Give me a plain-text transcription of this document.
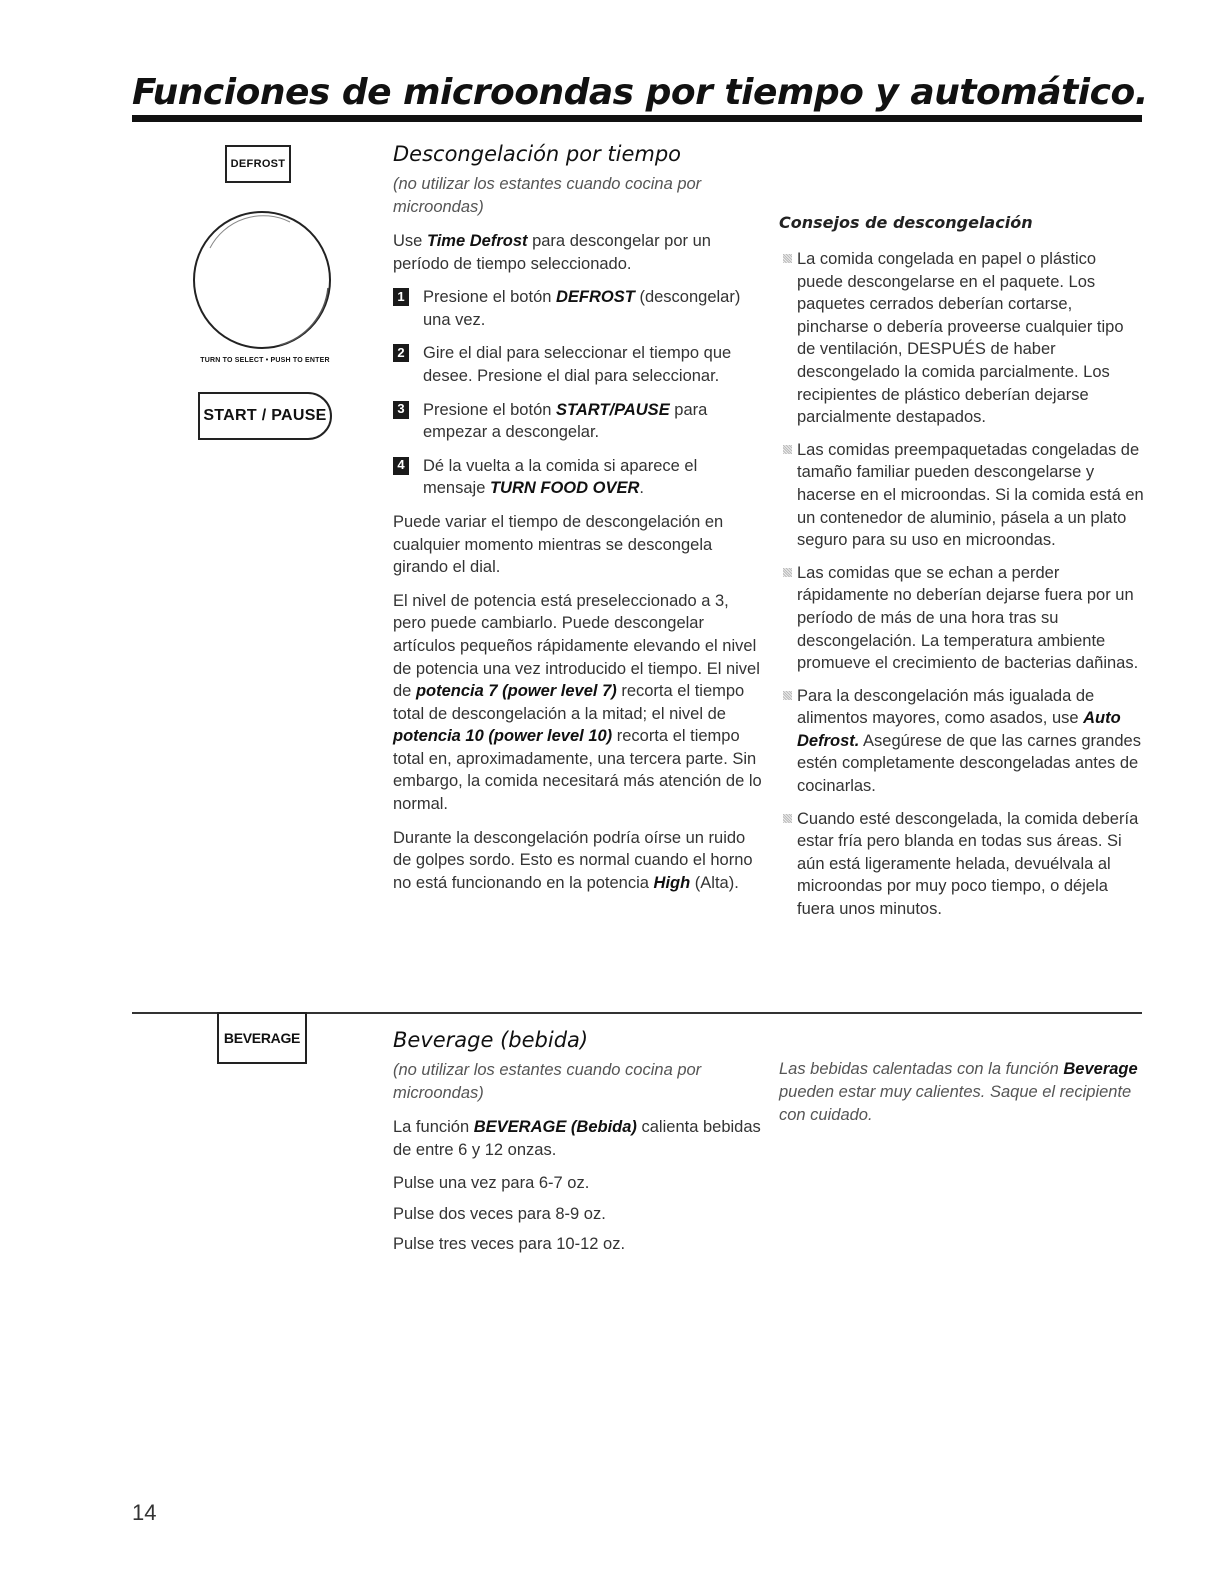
Funciones de microondas por tiempo y automático.
DEFROST
TURN TO SELECT • PUSH TO ENTER
START / PAUSE
Descongelación por tiempo

(no utilizar los estantes cuando cocina por microondas)

Use Time Defrost para descongelar por un período de tiempo seleccionado.

1 Presione el botón DEFROST (descongelar) una vez.
2 Gire el dial para seleccionar el tiempo que desee. Presione el dial para seleccionar.
3 Presione el botón START/PAUSE para empezar a descongelar.
4 Dé la vuelta a la comida si aparece el mensaje TURN FOOD OVER.

Puede variar el tiempo de descongelación en cualquier momento mientras se descongela girando el dial.

El nivel de potencia está preseleccionado a 3, pero puede cambiarlo. Puede descongelar artículos pequeños rápidamente elevando el nivel de potencia una vez introducido el tiempo. El nivel de potencia 7 (power level 7) recorta el tiempo total de descongelación a la mitad; el nivel de potencia 10 (power level 10) recorta el tiempo total en, aproximadamente, una tercera parte. Sin embargo, la comida necesitará más atención de lo normal.

Durante la descongelación podría oírse un ruido de golpes sordo. Esto es normal cuando el horno no está funcionando en la potencia High (Alta).

Consejos de descongelación
La comida congelada en papel o plástico puede descongelarse en el paquete. Los paquetes cerrados deberían cortarse, pincharse o debería proveerse cualquier tipo de ventilación, DESPUÉS de haber descongelado la comida parcialmente. Los recipientes de plástico deberían dejarse parcialmente destapados.
Las comidas preempaquetadas congeladas de tamaño familiar pueden descongelarse y hacerse en el microondas. Si la comida está en un contenedor de aluminio, pásela a un plato seguro para su uso en microondas.
Las comidas que se echan a perder rápidamente no deberían dejarse fuera por un período de más de una hora tras su descongelación. La temperatura ambiente promueve el crecimiento de bacterias dañinas.
Para la descongelación más igualada de alimentos mayores, como asados, use Auto Defrost. Asegúrese de que las carnes grandes estén completamente descongeladas antes de cocinarlas.
Cuando esté descongelada, la comida debería estar fría pero blanda en todas sus áreas. Si aún está ligeramente helada, devuélvala al microondas por muy poco tiempo, o déjela fuera unos minutos.
BEVERAGE	Beverage (bebida)

(no utilizar los estantes cuando cocina por microondas)

La función BEVERAGE (Bebida) calienta bebidas de entre 6 y 12 onzas.

Pulse una vez para 6-7 oz.

Pulse dos veces para 8-9 oz.

Pulse tres veces para 10-12 oz.

Las bebidas calentadas con la función Beverage pueden estar muy calientes. Saque el recipiente con cuidado.

14
